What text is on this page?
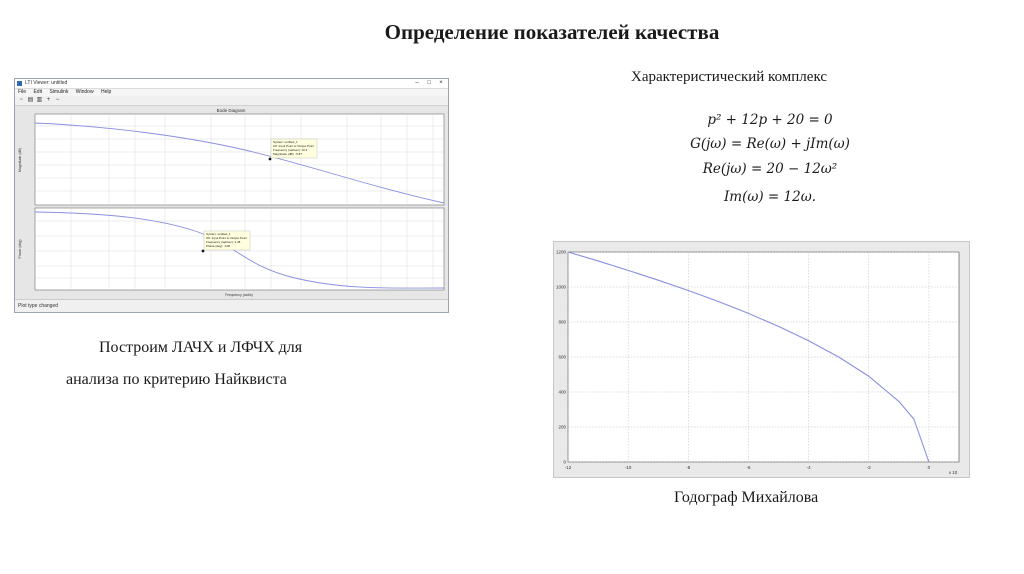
Определение показателей качества
LTI Viewer: untitled	–	□	×
File Edit Simulink Window Help
▫ ▤ ▥ + −
Bode Diagram
System: untitled_1
I/O: Input Point to Output Point
Frequency (rad/sec): 10.3
Magnitude (dB): -5.87
Magnitude (dB)
System: untitled_1
I/O: Input Point to Output Point
Frequency (rad/sec): 4.48
Phase (deg): -108
Phase (deg)
Frequency (rad/s)
Plot type changed
Построим ЛАЧХ и ЛФЧХ для
анализа по критерию Найквиста
Характеристический комплекс
p² + 12p + 20 = 0
G(jω) = Re(ω) + jIm(ω)
Re(jω) = 20 − 12ω²
Im(ω) = 12ω.
-12	-10	-8	-6	-4	-2	0
0
200
400
600
800
1000
1200
x 10
Годограф Михайлова
